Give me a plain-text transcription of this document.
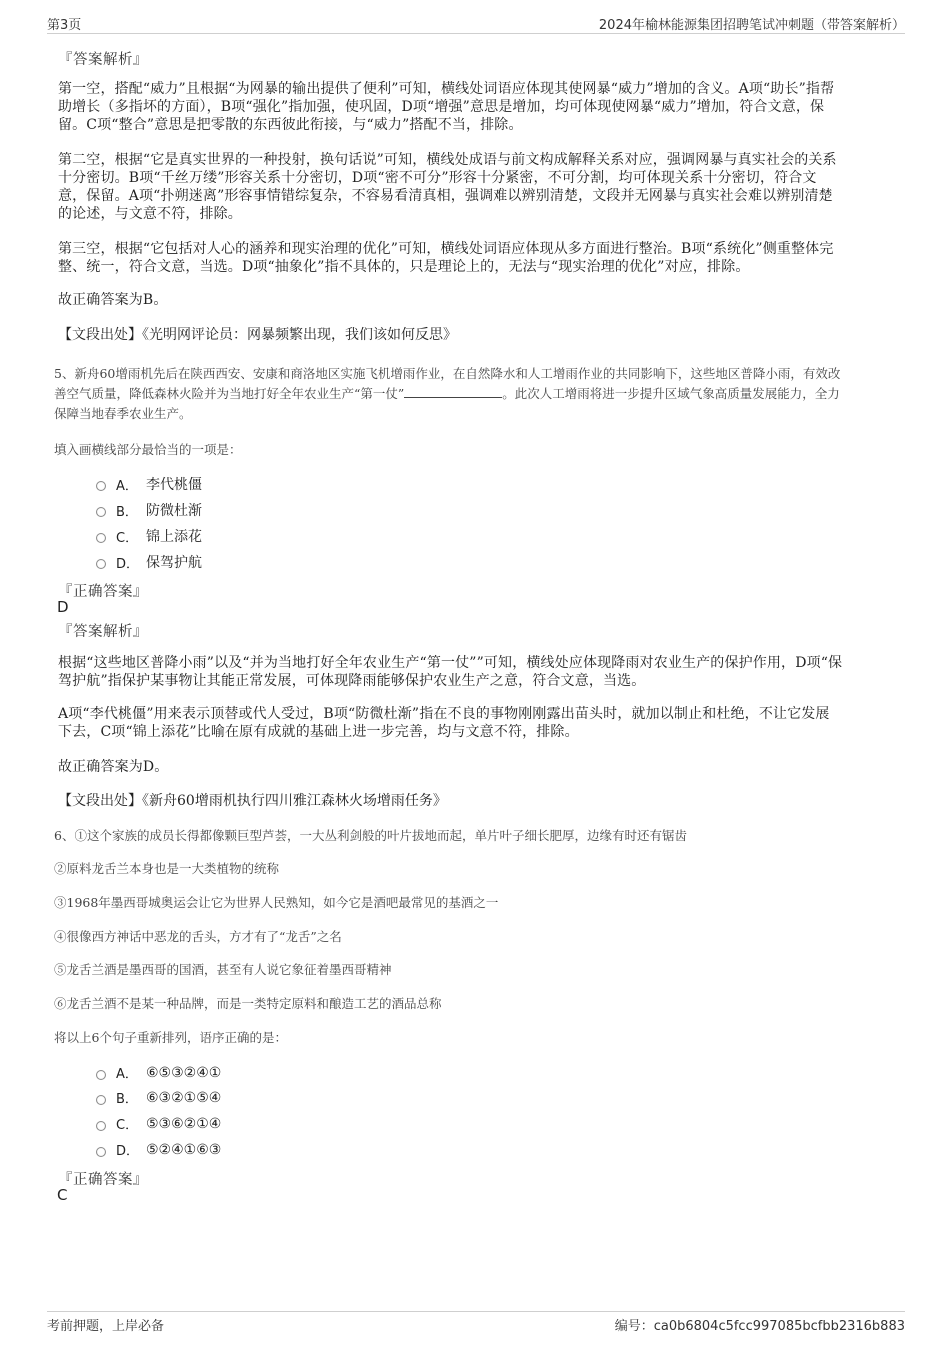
第3页	2024年榆林能源集团招聘笔试冲刺题（带答案解析）
『答案解析』
第一空，搭配“威力”且根据“为网暴的输出提供了便利”可知，横线处词语应体现其使网暴“威力”增加的含义。A项“助长”指帮
助增长（多指坏的方面），B项“强化”指加强，使巩固，D项“增强”意思是增加，均可体现使网暴“威力”增加，符合文意，保
留。C项“整合”意思是把零散的东西彼此衔接，与“威力”搭配不当，排除。
第二空，根据“它是真实世界的一种投射，换句话说”可知，横线处成语与前文构成解释关系对应，强调网暴与真实社会的关系
十分密切。B项“千丝万缕”形容关系十分密切，D项“密不可分”形容十分紧密，不可分割，均可体现关系十分密切，符合文
意，保留。A项“扑朔迷离”形容事情错综复杂，不容易看清真相，强调难以辨别清楚，文段并无网暴与真实社会难以辨别清楚
的论述，与文意不符，排除。
第三空，根据“它包括对人心的涵养和现实治理的优化”可知，横线处词语应体现从多方面进行整治。B项“系统化”侧重整体完
整、统一，符合文意，当选。D项“抽象化”指不具体的，只是理论上的，无法与“现实治理的优化”对应，排除。
故正确答案为B。
【文段出处】《光明网评论员：网暴频繁出现，我们该如何反思》
5、新舟60增雨机先后在陕西西安、安康和商洛地区实施飞机增雨作业，在自然降水和人工增雨作业的共同影响下，这些地区普降小雨，有效改
善空气质量，降低森林火险并为当地打好全年农业生产“第一仗”	。此次人工增雨将进一步提升区域气象高质量发展能力，全力
保障当地春季农业生产。
填入画横线部分最恰当的一项是：
A． 李代桃僵
B． 防微杜渐
C． 锦上添花
D． 保驾护航
『正确答案』
D
『答案解析』
根据“这些地区普降小雨”以及“并为当地打好全年农业生产“第一仗””可知，横线处应体现降雨对农业生产的保护作用，D项“保
驾护航”指保护某事物让其能正常发展，可体现降雨能够保护农业生产之意，符合文意，当选。
A项“李代桃僵”用来表示顶替或代人受过，B项“防微杜渐”指在不良的事物刚刚露出苗头时，就加以制止和杜绝，不让它发展
下去，C项“锦上添花”比喻在原有成就的基础上进一步完善，均与文意不符，排除。
故正确答案为D。
【文段出处】《新舟60增雨机执行四川雅江森林火场增雨任务》
6、①这个家族的成员长得都像颗巨型芦荟，一大丛利剑般的叶片拔地而起，单片叶子细长肥厚，边缘有时还有锯齿
②原料龙舌兰本身也是一大类植物的统称
③1968年墨西哥城奥运会让它为世界人民熟知，如今它是酒吧最常见的基酒之一
④很像西方神话中恶龙的舌头，方才有了“龙舌”之名
⑤龙舌兰酒是墨西哥的国酒，甚至有人说它象征着墨西哥精神
⑥龙舌兰酒不是某一种品牌，而是一类特定原料和酿造工艺的酒品总称
将以上6个句子重新排列，语序正确的是：
A． ⑥⑤③②④①
B． ⑥③②①⑤④
C． ⑤③⑥②①④
D． ⑤②④①⑥③
『正确答案』
C
考前押题，上岸必备	编号：ca0b6804c5fcc997085bcfbb2316b883
